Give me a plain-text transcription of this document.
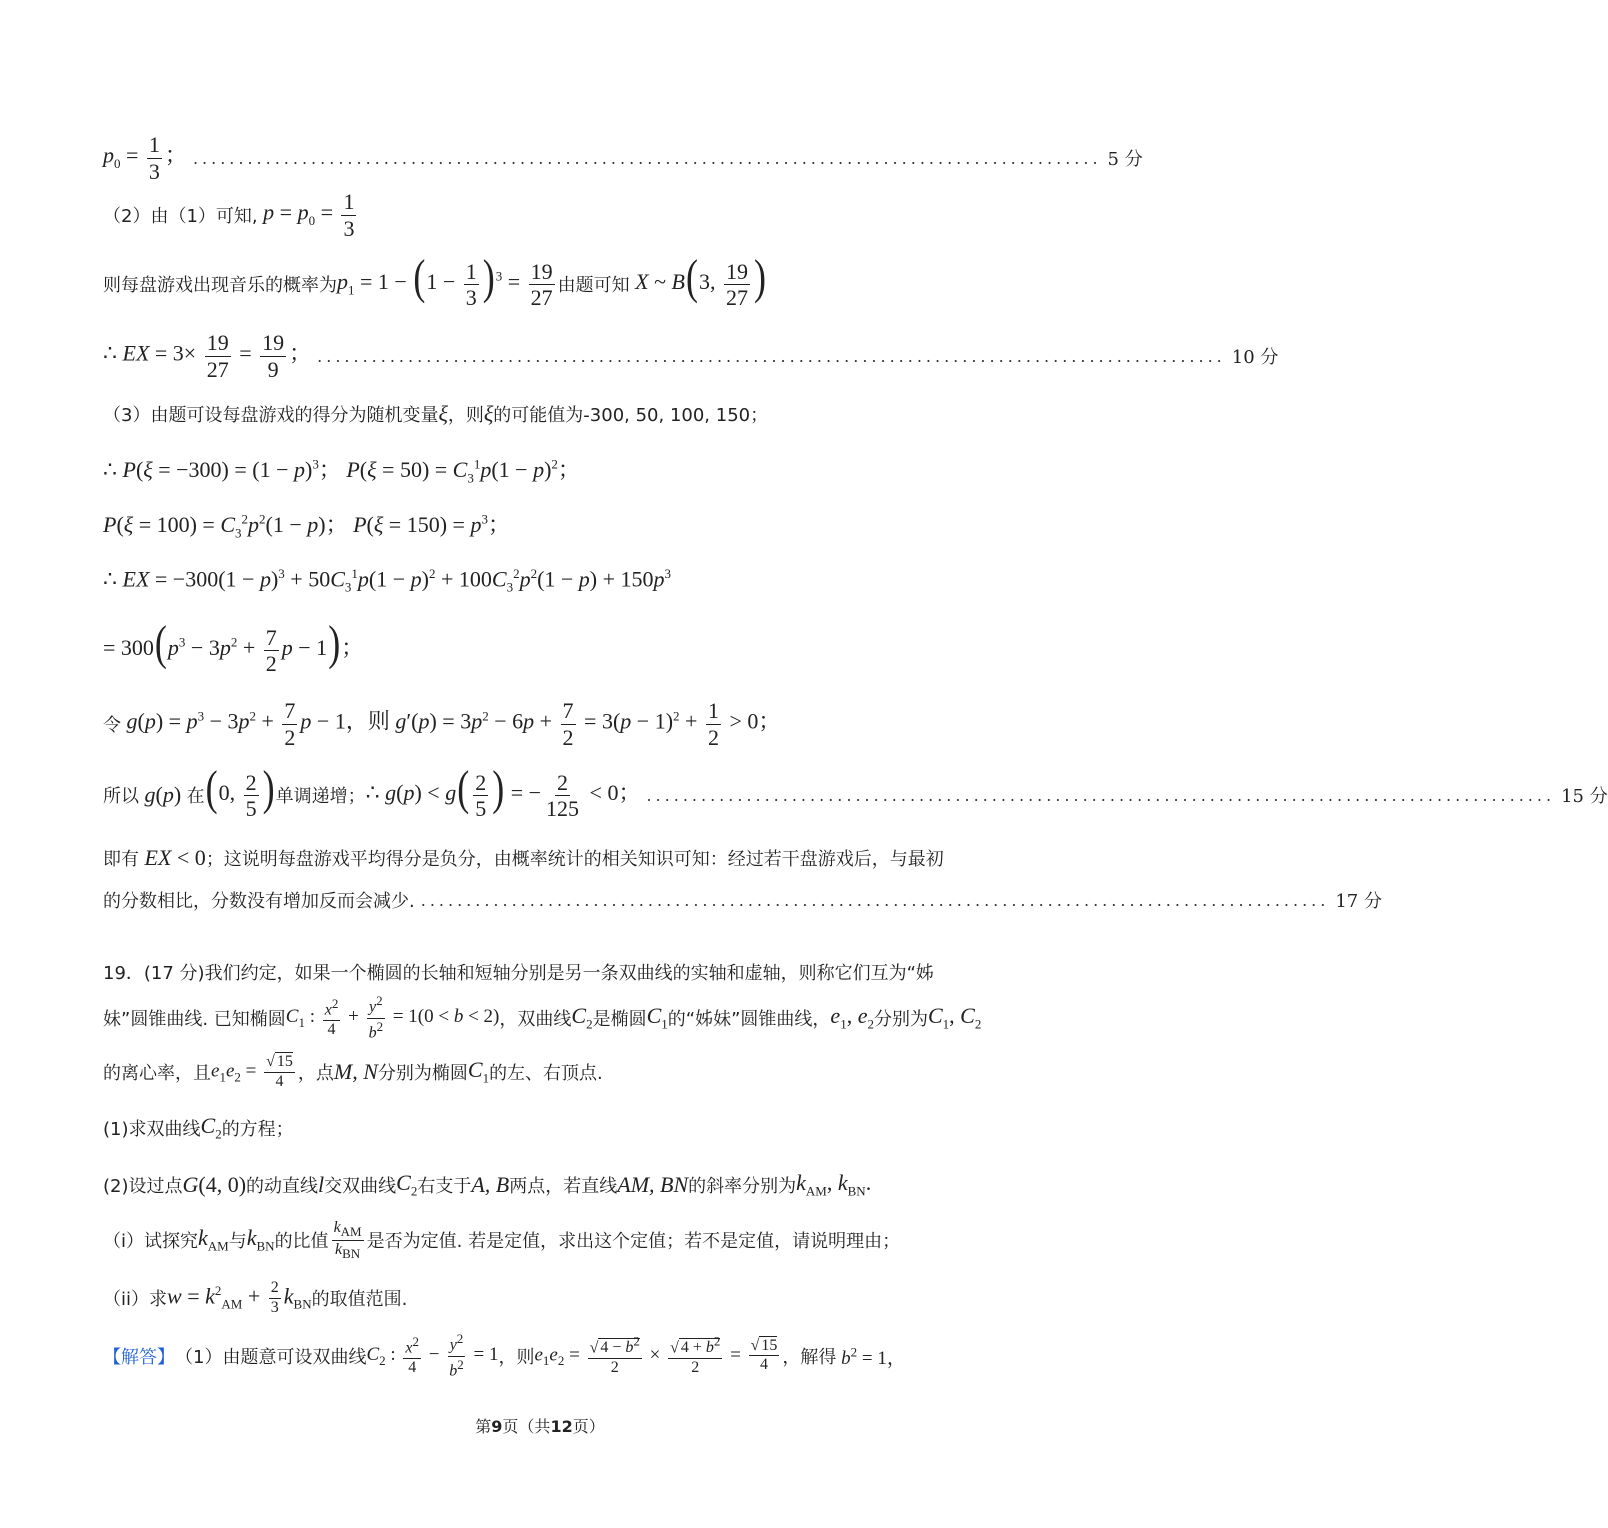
$p_0 = \frac{1}{3}$ ； .................................................................................................... 5 分
（2）由（1）可知, $p = p_0 = \frac{1}{3}$
则每盘游戏出现音乐的概率为 $p_1 = 1 - (1 - \frac{1}{3} )^3 = \frac{19}{27}$ 由题可知 X ~ B(3, $\frac{19}{27}$ )
∴ EX = $3\times \frac{19}{27} = \frac{19}{9}$ ； .................................................................................................... 10 分
（3）由题可设每盘游戏的得分为随机变量 ξ ，则 ξ 的可能值为-300, 50, 100, 150；
∴ $P(\xi = -300) = (1 - p)^3$； $P(\xi = 50) = C_3^1p(1 - p)^2$；
$P(\xi = 100) = C_3^2p^2(1 - p)$； $P(\xi = 150) = p^3$；
∴ EX = $-300(1 - p)^3 + 50C_3^1p(1 - p)^2 + 100C_3^2p^2(1 - p) + 150p^3$
= $300(p^3 - 3p^2 + \frac{7}{2}$ p − 1)；
令 $g(p) = p^3 - 3p^2 + \frac{7}{2}$ p − 1，则 $g'(p) = 3p^2 - 6p + \frac{7}{2} = 3(p - 1)^2 + \frac{1}{2} > 0$；
所以 g(p) 在 (0, $\frac{2}{5}$ ) 单调递增； ∴ $g(p) < g( \frac{2}{5}$ ) = − $\frac{2}{125} < 0$； .................................................................................................... 15 分
即有 EX < 0 ；这说明每盘游戏平均得分是负分，由概率统计的相关知识可知：经过若干盘游戏后，与最初
的分数相比，分数没有增加反而会减少. .................................................................................................... 17 分
19．(17 分)我们约定，如果一个椭圆的长轴和短轴分别是另一条双曲线的实轴和虚轴，则称它们互为“姊
妹”圆锥曲线. 已知椭圆 $C_1$ : $\frac{x^2}{4} + \frac{y^2}{b^2} = 1(0 < b < 2)$ ，双曲线 $C_2$ 是椭圆 $C_1$ 的“姊妹”圆锥曲线， $e_1$, $e_2$ 分别为 $C_1$, $C_2$
的离心率，且 $e_1e_2 = \frac{√ 15}{4}$ ，点 M, N 分别为椭圆 $C_1$ 的左、右顶点.
(1)求双曲线 $C_2$ 的方程；
(2)设过点 G(4, 0) 的动直线 l 交双曲线 $C_2$ 右支于 A, B 两点，若直线 AM, BN 的斜率分别为 $k_{AM}$, $k_{BN}$.
（i）试探究 $k_{AM}$ 与 $k_{BN}$ 的比值 $\frac{k_{AM}}{k_{BN}}$ 是否为定值. 若是定值，求出这个定值；若不是定值，请说明理由；
（ii）求 $w = k^2_{AM} + \frac{2}{3} k_{BN}$ 的取值范围.
【解答】 （1）由题意可设双曲线 $C_2$ : $\frac{x^2}{4} - \frac{y^2}{b^2} = 1$ ，则 $e_1e_2 = \frac{√ 4 - b^2}{2} \times \frac{√ 4 + b^2}{2} = \frac{√ 15}{4}$ ，解得 $b^2 = 1$，
第9页（共12页）
